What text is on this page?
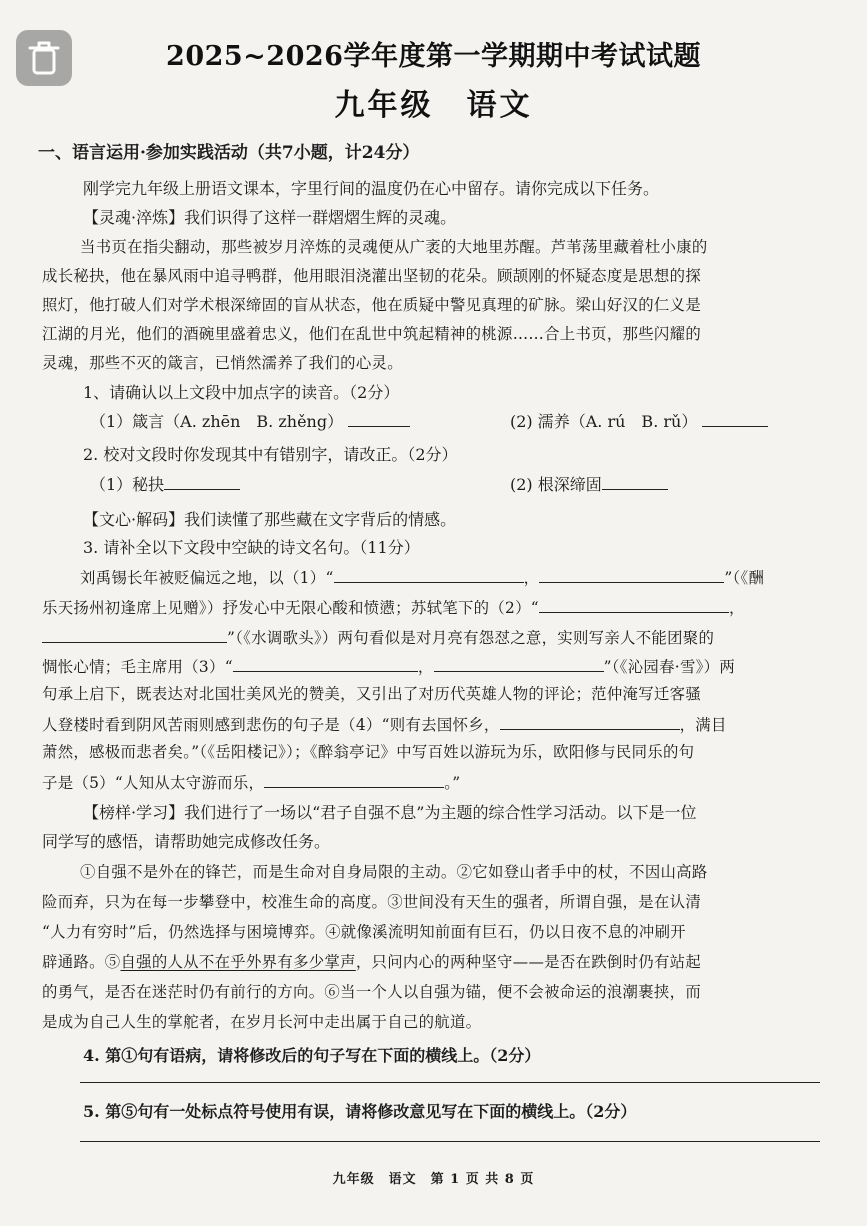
2025~2026学年度第一学期期中考试试题
九年级　语文
一、语言运用·参加实践活动（共7小题，计24分）
刚学完九年级上册语文课本，字里行间的温度仍在心中留存。请你完成以下任务。
【灵魂·淬炼】我们识得了这样一群熠熠生辉的灵魂。
当书页在指尖翻动，那些被岁月淬炼的灵魂便从广袤的大地里苏醒。芦苇荡里藏着杜小康的
成长秘抉，他在暴风雨中追寻鸭群，他用眼泪浇灌出坚韧的花朵。顾颉刚的怀疑态度是思想的探
照灯，他打破人们对学术根深缔固的盲从状态，他在质疑中警见真理的矿脉。梁山好汉的仁义是
江湖的月光，他们的酒碗里盛着忠义，他们在乱世中筑起精神的桃源……合上书页，那些闪耀的
灵魂，那些不灭的箴言，已悄然濡养了我们的心灵。
1、请确认以上文段中加点字的读音。（2分）
（1）箴言（A. zhēn　B. zhěng）	(2) 濡养（A. rú　B. rǔ）
2. 校对文段时你发现其中有错别字，请改正。（2分）
（1）秘抉	(2) 根深缔固
【文心·解码】我们读懂了那些藏在文字背后的情感。
3. 请补全以下文段中空缺的诗文名句。（11分）
刘禹锡长年被贬偏远之地，以（1）“	，	”（《酬
乐天扬州初逢席上见赠》）抒发心中无限心酸和愤懑；苏轼笔下的（2）“	，
”（《水调歌头》）两句看似是对月亮有怨怼之意，实则写亲人不能团聚的
惆怅心情；毛主席用（3）“	，	”（《沁园春·雪》）两
句承上启下，既表达对北国壮美风光的赞美，又引出了对历代英雄人物的评论；范仲淹写迁客骚
人登楼时看到阴风苦雨则感到悲伤的句子是（4）“则有去国怀乡，	，满目
萧然，感极而悲者矣。”（《岳阳楼记》）；《醉翁亭记》中写百姓以游玩为乐，欧阳修与民同乐的句
子是（5）“人知从太守游而乐，	。”
【榜样·学习】我们进行了一场以“君子自强不息”为主题的综合性学习活动。以下是一位
同学写的感悟，请帮助她完成修改任务。
①自强不是外在的锋芒，而是生命对自身局限的主动。②它如登山者手中的杖，不因山高路
险而弃，只为在每一步攀登中，校准生命的高度。③世间没有天生的强者，所谓自强，是在认清
“人力有穷时”后，仍然选择与困境博弈。④就像溪流明知前面有巨石，仍以日夜不息的冲刷开
辟通路。⑤自强的人从不在乎外界有多少掌声，只问内心的两种坚守——是否在跌倒时仍有站起
的勇气，是否在迷茫时仍有前行的方向。⑥当一个人以自强为锚，便不会被命运的浪潮裹挟，而
是成为自己人生的掌舵者，在岁月长河中走出属于自己的航道。
4. 第①句有语病，请将修改后的句子写在下面的横线上。（2分）
5. 第⑤句有一处标点符号使用有误，请将修改意见写在下面的横线上。（2分）
九年级　语文　第 1 页 共 8 页
